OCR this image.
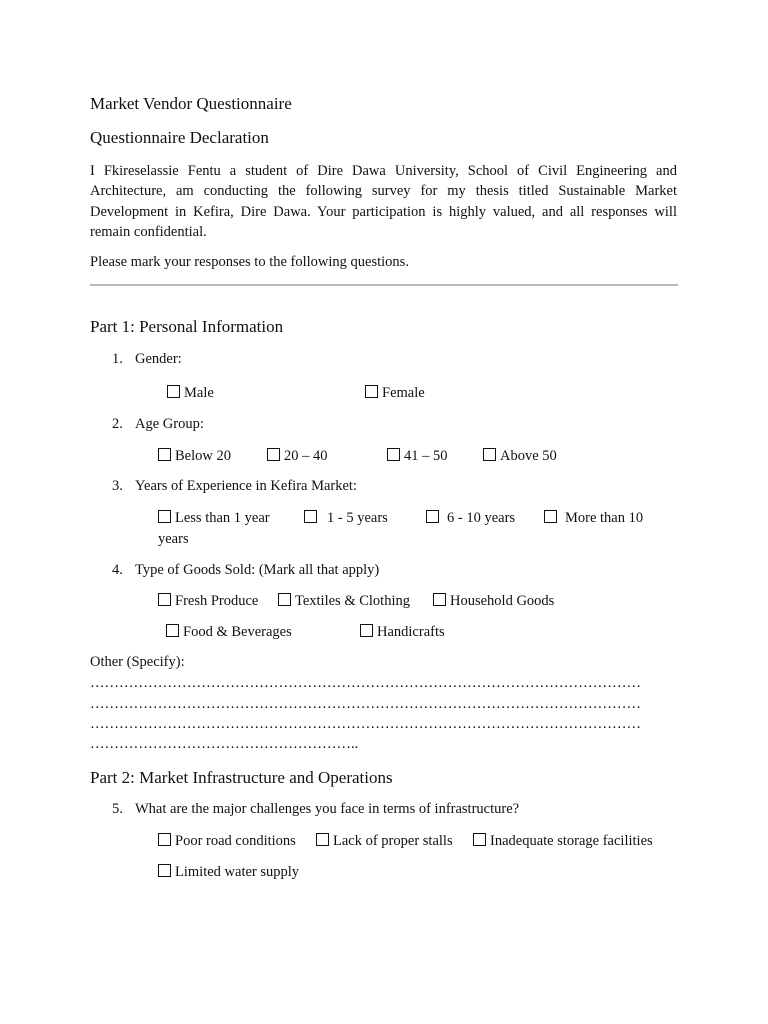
Market Vendor Questionnaire
Questionnaire Declaration
I Fkireselassie Fentu a student of Dire Dawa University, School of Civil Engineering and Architecture, am conducting the following survey for my thesis titled Sustainable Market Development in Kefira, Dire Dawa. Your participation is highly valued, and all responses will remain confidential.
Please mark your responses to the following questions.
Part 1: Personal Information
1. Gender:
Male	Female
2. Age Group:
Below 20	20 – 40	41 – 50	Above 50
3. Years of Experience in Kefira Market:
Less than 1 year	1 - 5 years	6 - 10 years	More than 10
years
4. Type of Goods Sold: (Mark all that apply)
Fresh Produce	Textiles & Clothing	Household Goods
Food & Beverages	Handicrafts
Other (Specify):
……………………………………………………………………………………………………
……………………………………………………………………………………………………
……………………………………………………………………………………………………
………………………………………………..
Part 2: Market Infrastructure and Operations
5. What are the major challenges you face in terms of infrastructure?
Poor road conditions	Lack of proper stalls	Inadequate storage facilities
Limited water supply
